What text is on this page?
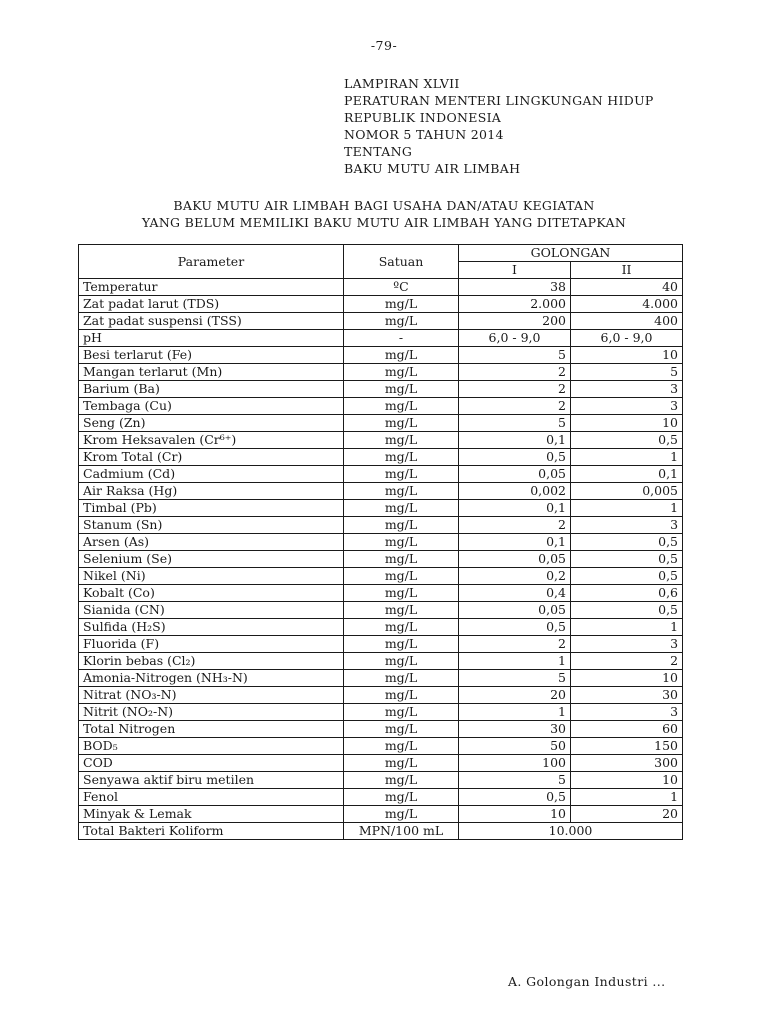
-79-
LAMPIRAN XLVII
PERATURAN MENTERI LINGKUNGAN HIDUP
REPUBLIK INDONESIA
NOMOR 5 TAHUN 2014
TENTANG
BAKU MUTU AIR LIMBAH
BAKU MUTU AIR LIMBAH BAGI USAHA DAN/ATAU KEGIATAN
YANG BELUM MEMILIKI BAKU MUTU AIR LIMBAH YANG DITETAPKAN
Parameter	Satuan	GOLONGAN	
		I	II
Temperatur	ºC	38	40
Zat padat larut (TDS)	mg/L	2.000	4.000
Zat padat suspensi (TSS)	mg/L	200	400
pH	-	6,0 - 9,0	6,0 - 9,0
Besi terlarut (Fe)	mg/L	5	10
Mangan terlarut (Mn)	mg/L	2	5
Barium (Ba)	mg/L	2	3
Tembaga (Cu)	mg/L	2	3
Seng (Zn)	mg/L	5	10
Krom Heksavalen (Cr⁶⁺)	mg/L	0,1	0,5
Krom Total (Cr)	mg/L	0,5	1
Cadmium (Cd)	mg/L	0,05	0,1
Air Raksa (Hg)	mg/L	0,002	0,005
Timbal (Pb)	mg/L	0,1	1
Stanum (Sn)	mg/L	2	3
Arsen (As)	mg/L	0,1	0,5
Selenium (Se)	mg/L	0,05	0,5
Nikel (Ni)	mg/L	0,2	0,5
Kobalt (Co)	mg/L	0,4	0,6
Sianida (CN)	mg/L	0,05	0,5
Sulfida (H₂S)	mg/L	0,5	1
Fluorida (F)	mg/L	2	3
Klorin bebas (Cl₂)	mg/L	1	2
Amonia-Nitrogen (NH₃-N)	mg/L	5	10
Nitrat (NO₃-N)	mg/L	20	30
Nitrit (NO₂-N)	mg/L	1	3
Total Nitrogen	mg/L	30	60
BOD₅	mg/L	50	150
COD	mg/L	100	300
Senyawa aktif biru metilen	mg/L	5	10
Fenol	mg/L	0,5	1
Minyak & Lemak	mg/L	10	20
Total Bakteri Koliform	MPN/100 mL	10.000	
A. Golongan Industri ...
